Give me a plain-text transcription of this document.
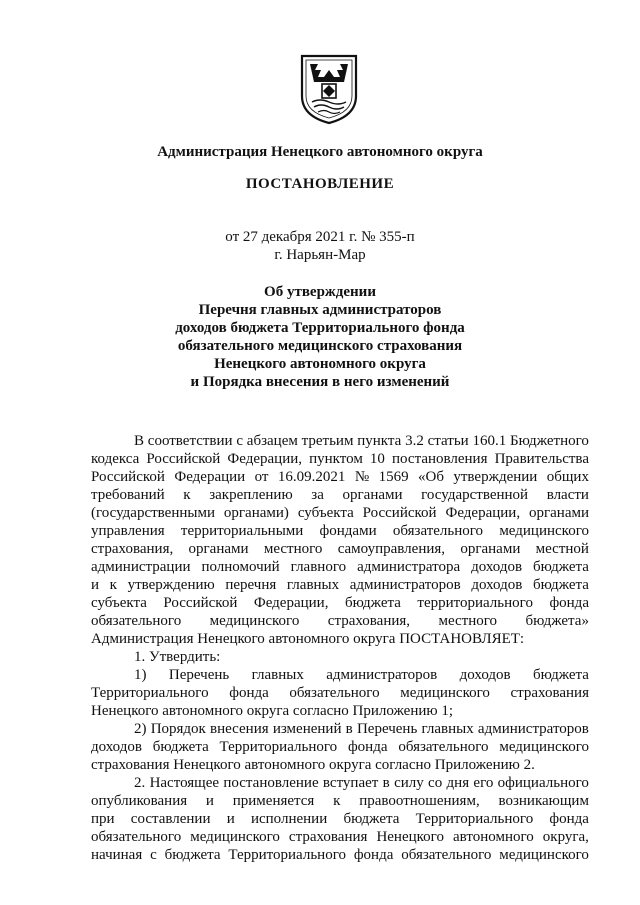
Администрация Ненецкого автономного округа
ПОСТАНОВЛЕНИЕ
от 27 декабря 2021 г. № 355-п
г. Нарьян-Мар
Об утверждении
Перечня главных администраторов
доходов бюджета Территориального фонда
обязательного медицинского страхования
Ненецкого автономного округа
и Порядка внесения в него изменений
В соответствии с абзацем третьим пункта 3.2 статьи 160.1 Бюджетного
кодекса Российской Федерации, пунктом 10 постановления Правительства
Российской Федерации от 16.09.2021 № 1569 «Об утверждении общих
требований к закреплению за органами государственной власти
(государственными органами) субъекта Российской Федерации, органами
управления территориальными фондами обязательного медицинского
страхования, органами местного самоуправления, органами местной
администрации полномочий главного администратора доходов бюджета
и к утверждению перечня главных администраторов доходов бюджета
субъекта Российской Федерации, бюджета территориального фонда
обязательного медицинского страхования, местного бюджета»
Администрация Ненецкого автономного округа ПОСТАНОВЛЯЕТ:
1. Утвердить:
1) Перечень главных администраторов доходов бюджета
Территориального фонда обязательного медицинского страхования
Ненецкого автономного округа согласно Приложению 1;
2) Порядок внесения изменений в Перечень главных администраторов
доходов бюджета Территориального фонда обязательного медицинского
страхования Ненецкого автономного округа согласно Приложению 2.
2. Настоящее постановление вступает в силу со дня его официального
опубликования и применяется к правоотношениям, возникающим
при составлении и исполнении бюджета Территориального фонда
обязательного медицинского страхования Ненецкого автономного округа,
начиная с бюджета Территориального фонда обязательного медицинского
